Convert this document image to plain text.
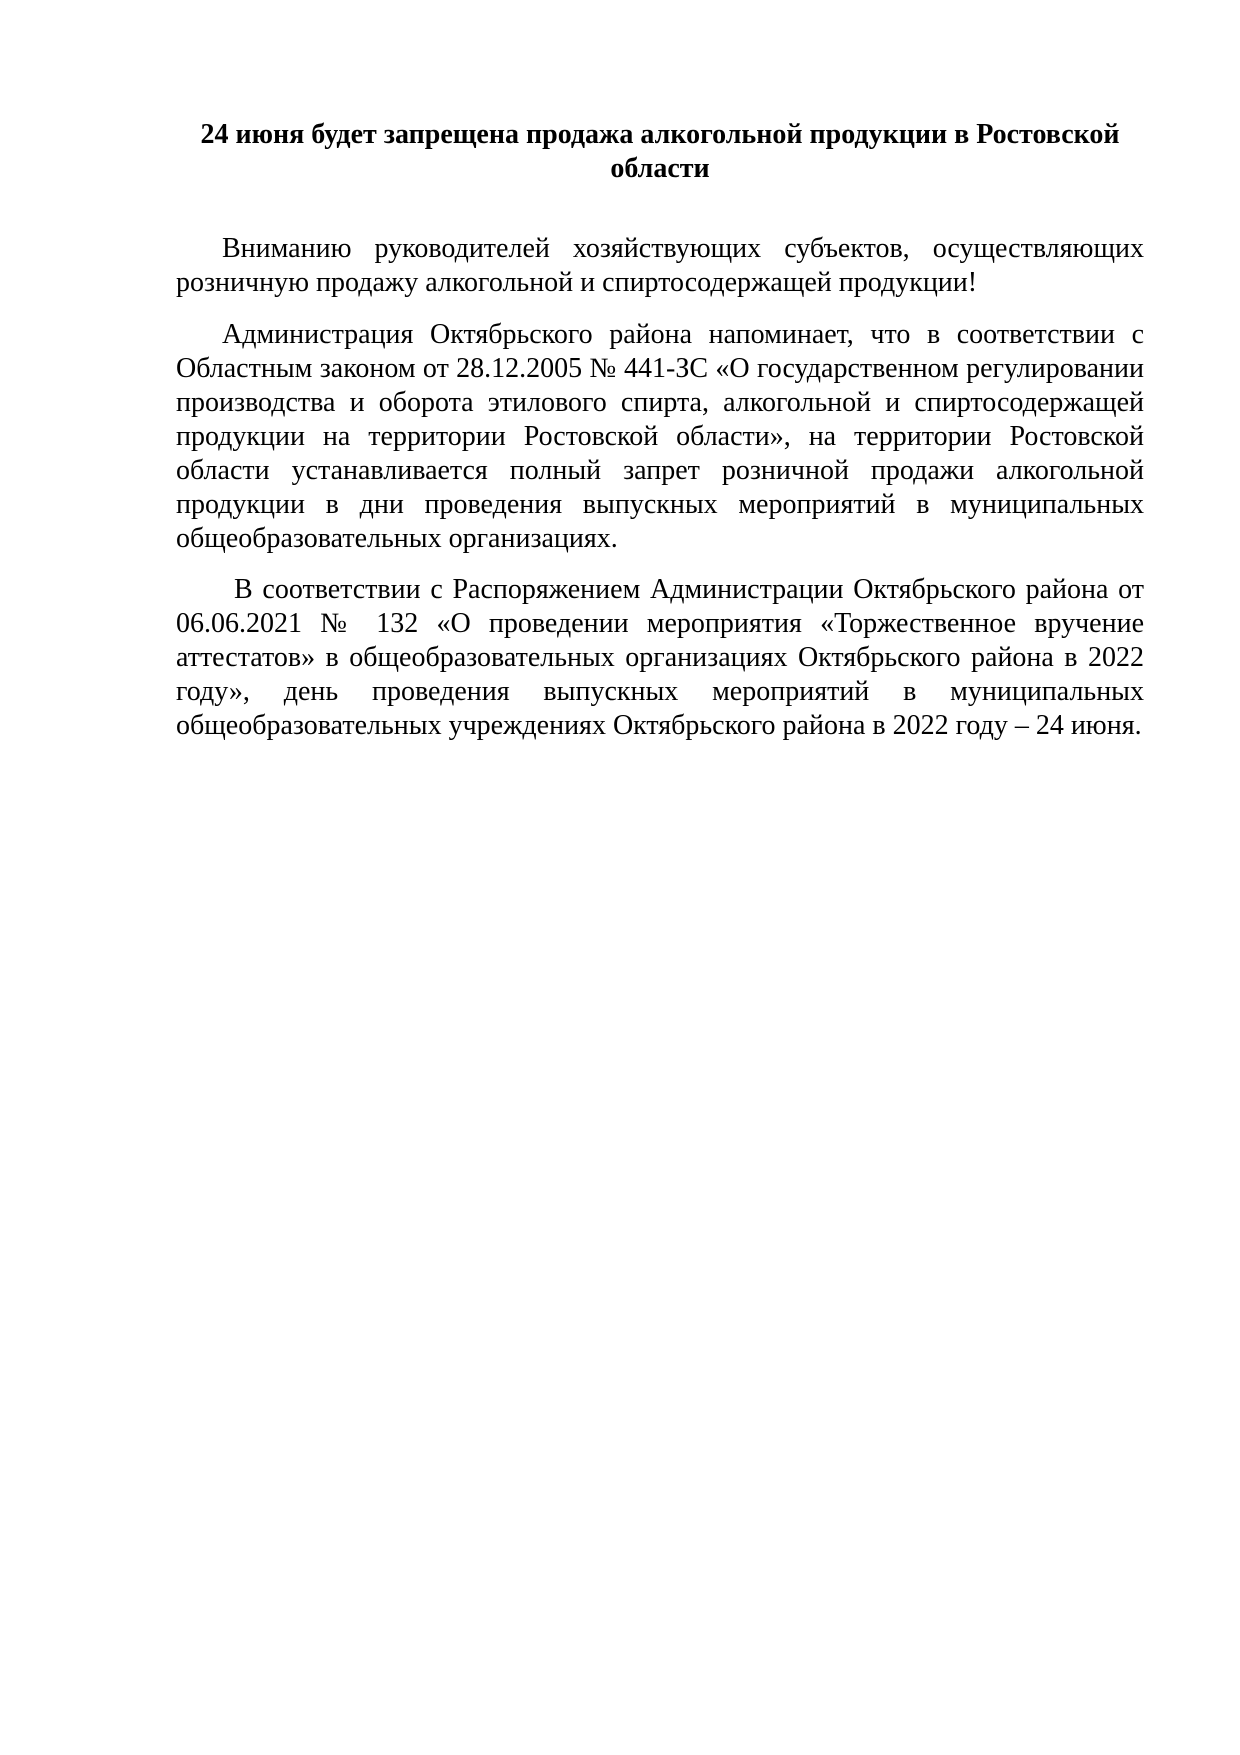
24 июня будет запрещена продажа алкогольной продукции в Ростовской области

Вниманию руководителей хозяйствующих субъектов, осуществляющих розничную продажу алкогольной и спиртосодержащей продукции!

Администрация Октябрьского района напоминает, что в соответствии с Областным законом от 28.12.2005 № 441-ЗС «О государственном регулировании производства и оборота этилового спирта, алкогольной и спиртосодержащей продукции на территории Ростовской области», на территории Ростовской области устанавливается полный запрет розничной продажи алкогольной продукции в дни проведения выпускных мероприятий в муниципальных общеобразовательных организациях.

В соответствии с Распоряжением Администрации Октябрьского района от 06.06.2021 № 132 «О проведении мероприятия «Торжественное вручение аттестатов» в общеобразовательных организациях Октябрьского района в 2022 году», день проведения выпускных мероприятий в муниципальных общеобразовательных учреждениях Октябрьского района в 2022 году – 24 июня.
